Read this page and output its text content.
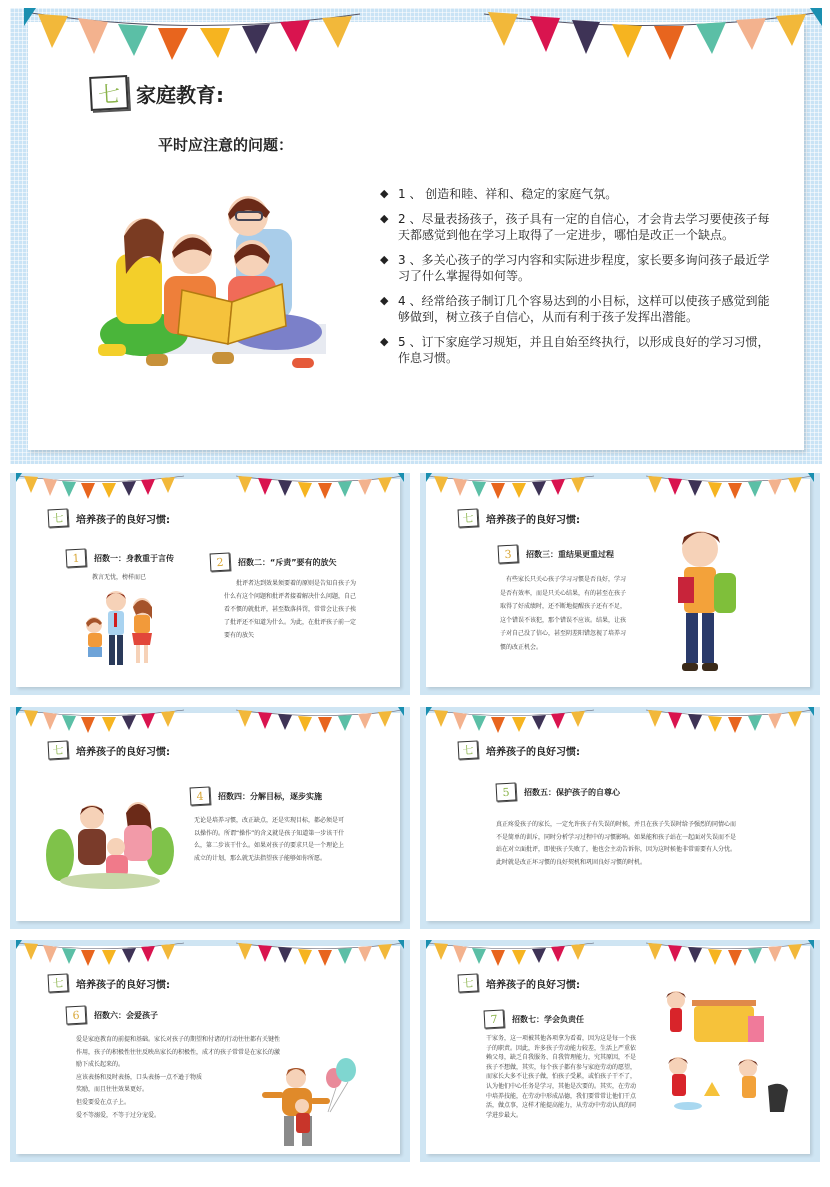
七 家庭教育:
平时应注意的问题：
◆ 1 、 创造和睦、祥和、稳定的家庭气氛。
◆ 2 、尽量表扬孩子，孩子具有一定的自信心，才会肯去学习要使孩子每天都感觉到他在学习上取得了一定进步，哪怕是改正一个缺点。
◆ 3 、多关心孩子的学习内容和实际进步程度，家长要多询问孩子最近学习了什么掌握得如何等。
◆ 4 、经常给孩子制订几个容易达到的小目标，这样可以使孩子感觉到能够做到，树立孩子自信心，从而有利于孩子发挥出潜能。
◆ 5 、订下家庭学习规矩，并且自始至终执行，以形成良好的学习习惯，作息习惯。
七	培养孩子的良好习惯:
1	招数一：身教重于言传
教言无忧，榜样而已
2	招数二：“斥责”要有的放矢
批评者达到效果须要着的原则是告知自孩子为什么有这个问题和批评者接着解决什么问题，自己看不惯的就批评，甚至数落抖罚，常常会让孩子挨了批评还不知道为什么。为此，在批评孩子前一定要有的放矢
七	培养孩子的良好习惯:
3	招数三：重结果更重过程
有些家长只关心孩子学习习惯是否良好，学习是否有效率，而是只关心结果，有的甚至在孩子取得了好成绩时，还不断地提醒孩子还有不足，这个错误不该犯，那个错误不应该。结果，让孩子对自己没了信心，甚至阴差阳错忽视了培养习惯的改正机会。
七	培养孩子的良好习惯:
4	招数四：分解目标，逐步实施
无论是培养习惯，改正缺点，还是实现目标，都必须是可以操作的。所谓“操作”的含义就是孩子知道第一步该干什么，第二步该干什么。如果对孩子的要求只是一个理论上成立的计划，那么就无法指望孩子能够如你所愿。
七	培养孩子的良好习惯:
5	招数五：保护孩子的自尊心
真正疼爱孩子的家长，一定允许孩子有失误的时候，并且在孩子失误时给予强烈的同情心而不是简单的训斥，同时分析学习过程中的习惯影响。如果能和孩子站在一起面对失误而不是站在对立面批评，即使孩子失败了，他也会主动告诉你，因为这时候他非常需要有人分忧。此时就是改正坏习惯的良好契机和巩固良好习惯的时机。
七	培养孩子的良好习惯:
6	招数六：会爱孩子
爱是家庭教育的前提和基础。家长对孩子的期望和付诸的行动往往都有关键性
作用，孩子的积极性往往反映出家长的积极性，成才的孩子常常是在家长的激
励下成长起来的。
应该表扬和及时表扬，口头表扬一点不逊于物质
奖励，而且往往效果更好。
但爱要爱在点子上。
爱不等溺爱，不等于过分宠爱。
七	培养孩子的良好习惯:
7	招数七：学会负责任
干家务，这一项被其他各项拿为看着，因为这是每一个孩子的职责。因此，许多孩子劳动能力较差，生活上严重依赖父母，缺乏自我服务、自我管理能力，究其原因，不是孩子不想做，其实，每个孩子都有参与家庭劳动的愿望，而家长大多不让孩子做，怕孩子受累，或怕孩子干不了，认为他们中心任务是学习，其他是次要的。其实，在劳动中培养技能，在劳动中形成品德，我们要常常让他们干点活，做点事，这样才能提高能力，从劳动中劳动认真的同学进步最大。
